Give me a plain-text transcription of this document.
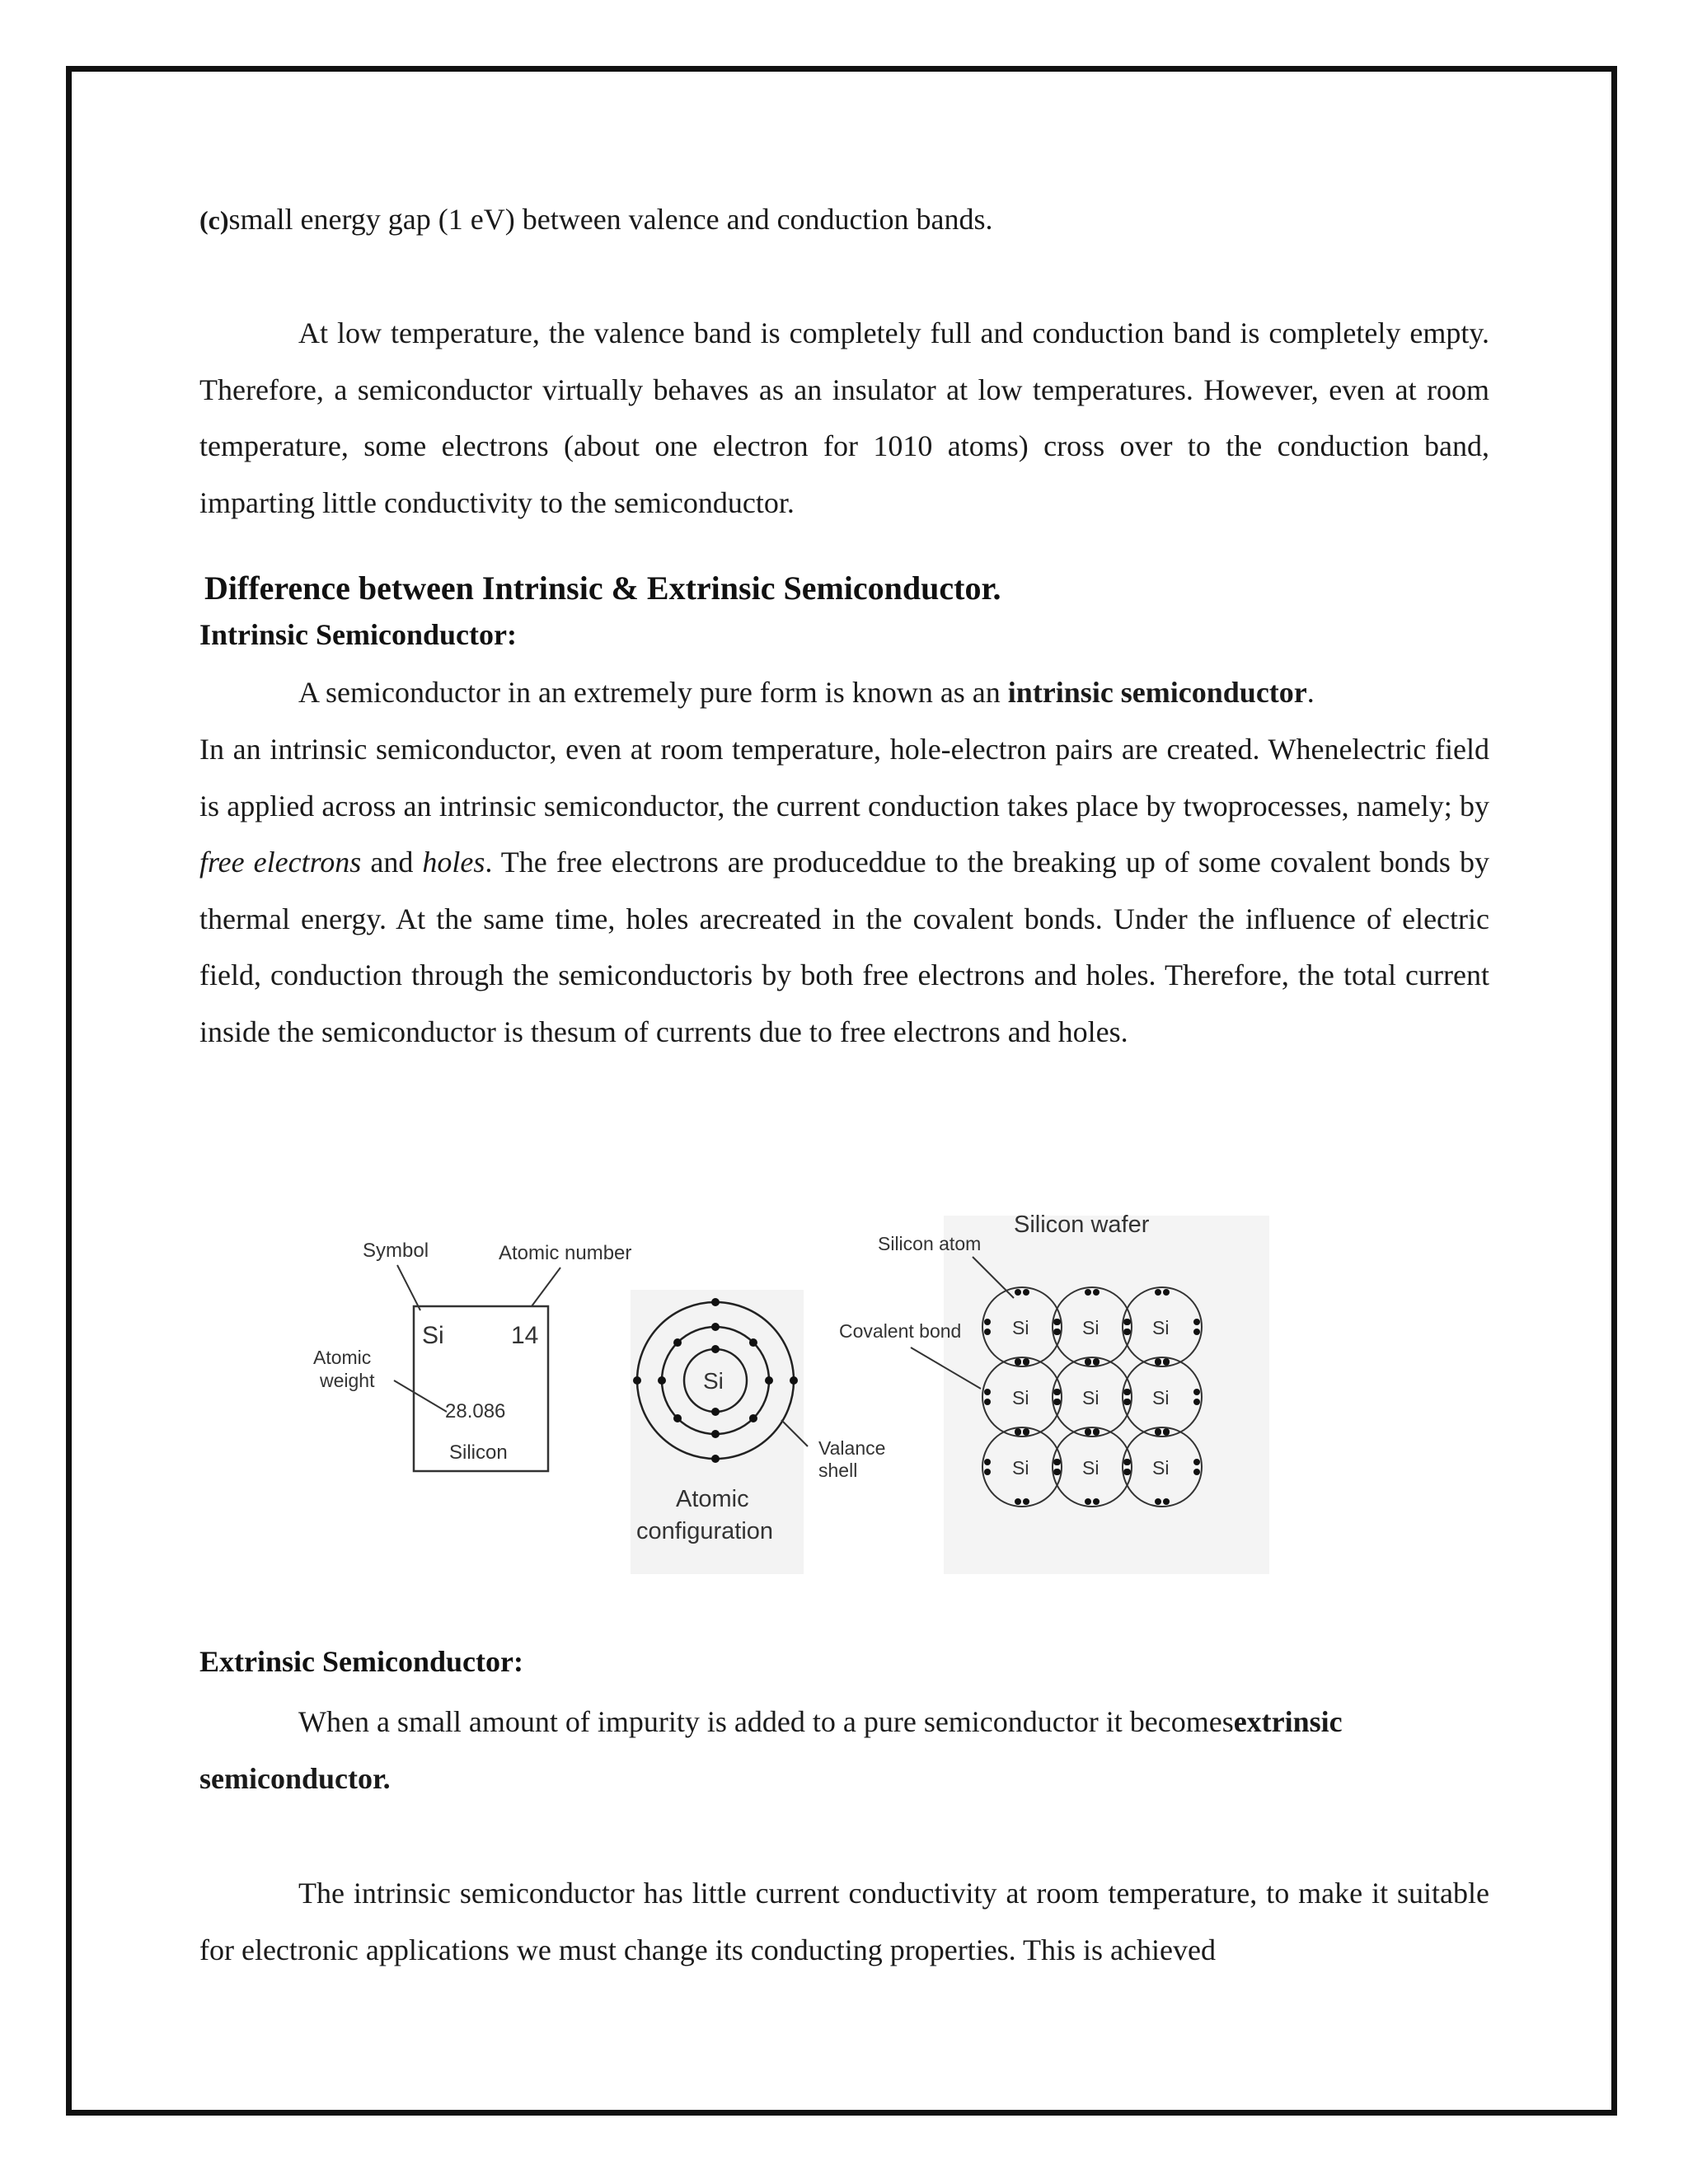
(c)small energy gap (1 eV) between valence and conduction bands.

At low temperature, the valence band is completely full and conduction band is completely empty. Therefore, a semiconductor virtually behaves as an insulator at low temperatures. However, even at room temperature, some electrons (about one electron for 1010 atoms) cross over to the conduction band, imparting little conductivity to the semiconductor.

Difference between Intrinsic & Extrinsic Semiconductor.
Intrinsic Semiconductor:

A semiconductor in an extremely pure form is known as an intrinsic semiconductor.

In an intrinsic semiconductor, even at room temperature, hole-electron pairs are created. Whenelectric field is applied across an intrinsic semiconductor, the current conduction takes place by twoprocesses, namely; by free electrons and holes. The free electrons are produceddue to the breaking up of some covalent bonds by thermal energy. At the same time, holes arecreated in the covalent bonds. Under the influence of electric field, conduction through the semiconductoris by both free electrons and holes. Therefore, the total current inside the semiconductor is thesum of currents due to free electrons and holes.

Symbol	Atomic number
Si	14
Atomic
weight
28.086
Silicon
Si
Valance
shell
Atomic
configuration
Silicon wafer
Silicon atom
Covalent bond	Si	Si	Si
Si	Si	Si
Si	Si	Si
Extrinsic Semiconductor:

When a small amount of impurity is added to a pure semiconductor it becomesextrinsic
semiconductor.

The intrinsic semiconductor has little current conductivity at room temperature, to make it suitable for electronic applications we must change its conducting properties. This is achieved
